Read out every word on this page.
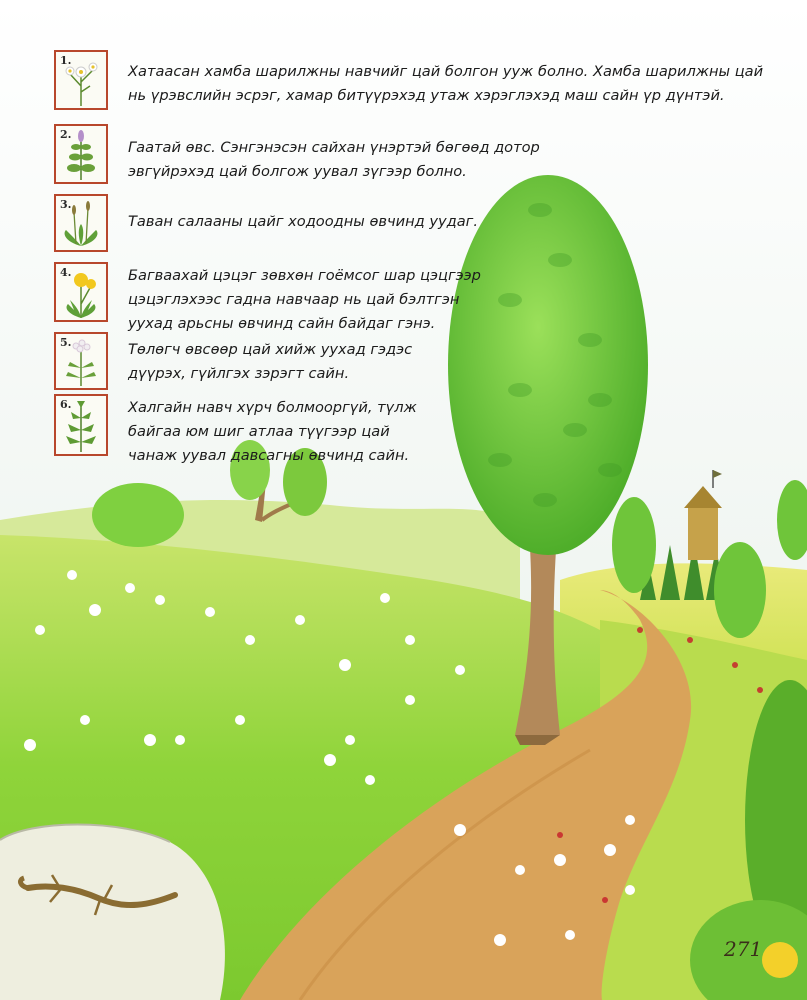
1.

Хатаасан хамба шарилжны навчийг цай болгон ууж болно. Хамба шарилжны цай
нь үрэвслийн эсрэг, хамар битүүрэхэд утаж хэрэглэхэд маш сайн үр дүнтэй.

2.

Гаатай өвс. Сэнгэнэсэн сайхан үнэртэй бөгөөд дотор
эвгүйрэхэд цай болгож уувал зүгээр болно.

3.

Таван салааны цайг ходоодны өвчинд уудаг.

4.	Багваахай цэцэг зөвхөн гоёмсог шар цэцгээр
цэцэглэхээс гадна навчаар нь цай бэлтгэн
уухад арьсны өвчинд сайн байдаг гэнэ.

5.	Төлөгч өвсөөр цай хийж уухад гэдэс
дүүрэх, гүйлгэх зэрэгт сайн.

6.	Халгайн навч хүрч болмооргүй, түлж
байгаа юм шиг атлаа түүгээр цай
чанаж уувал давсагны өвчинд сайн.

271
